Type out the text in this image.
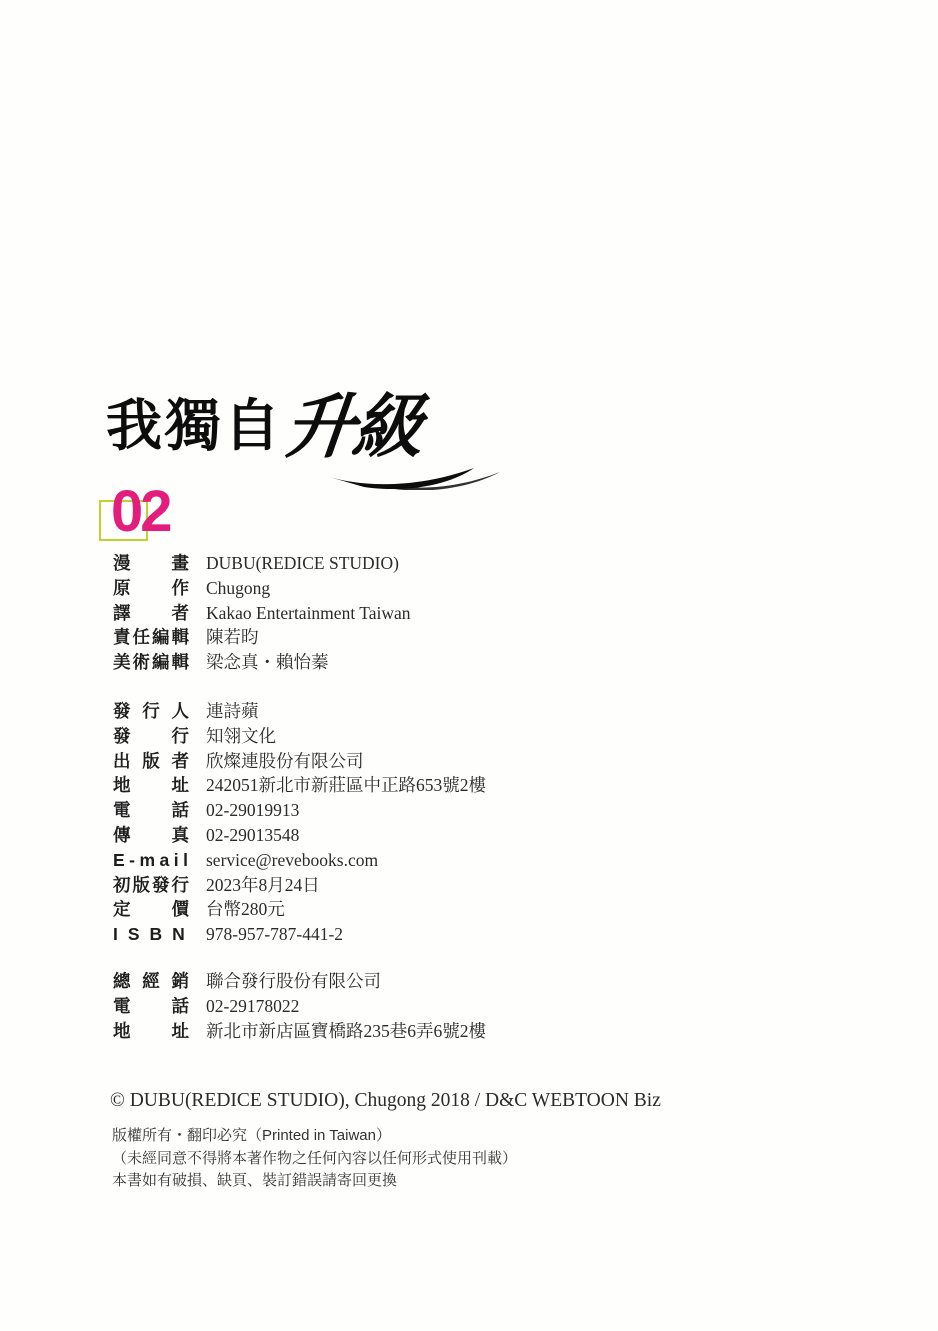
我獨自升級
02
漫畫 DUBU(REDICE STUDIO)
原作 Chugong
譯者 Kakao Entertainment Taiwan
責任編輯 陳若昀
美術編輯 梁念真・賴怡蓁
發行人 連詩蘋
發行 知翎文化
出版者 欣燦連股份有限公司
地址 242051新北市新莊區中正路653號2樓
電話 02-29019913
傳真 02-29013548
E-mail service@revebooks.com
初版發行 2023年8月24日
定價 台幣280元
ISBN 978-957-787-441-2
總經銷 聯合發行股份有限公司
電話 02-29178022
地址 新北市新店區寶橋路235巷6弄6號2樓
© DUBU(REDICE STUDIO), Chugong 2018 / D&C WEBTOON Biz
版權所有・翻印必究（Printed in Taiwan）
（未經同意不得將本著作物之任何內容以任何形式使用刊載）
本書如有破損、缺頁、裝訂錯誤請寄回更換
